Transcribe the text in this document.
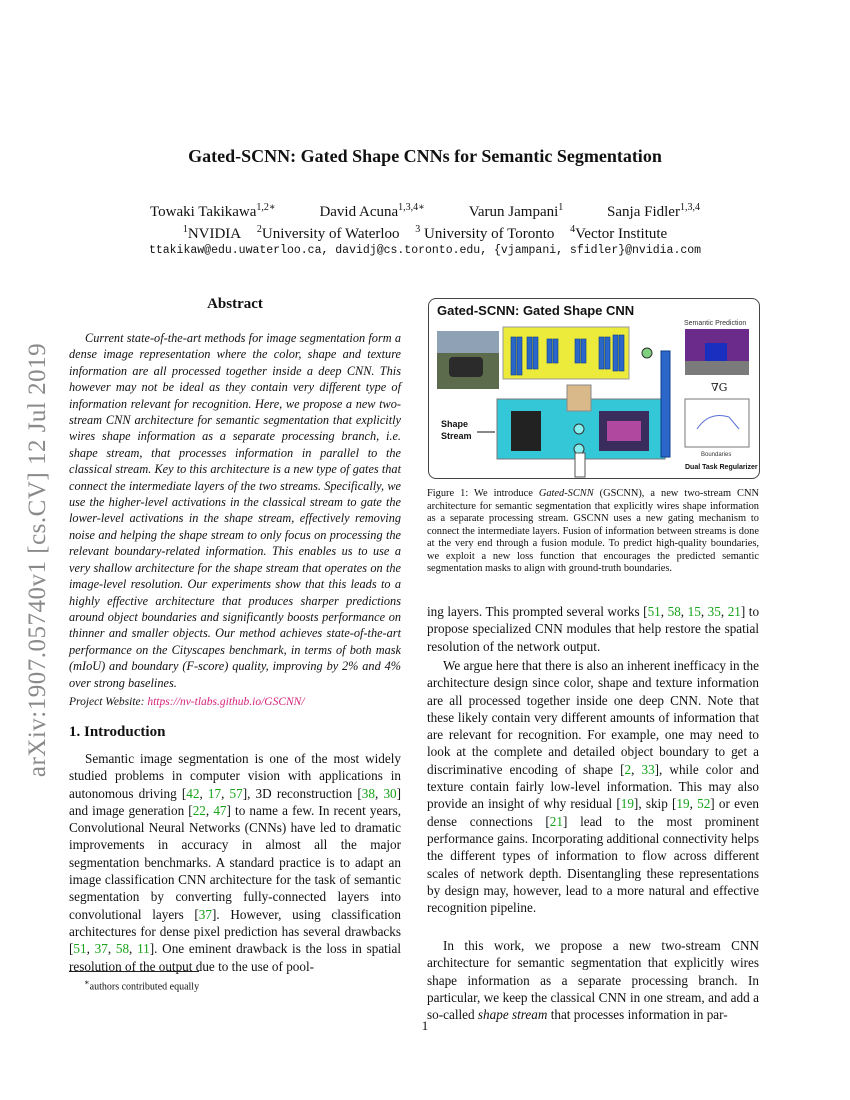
Gated-SCNN: Gated Shape CNNs for Semantic Segmentation
Towaki Takikawa$^{1,2∗}$	David Acuna$^{1,3,4∗}$	Varun Jampani$^1$	Sanja Fidler$^{1,3,4}$
$^1$NVIDIA $^2$University of Waterloo $^3$ University of Toronto $^4$Vector Institute
ttakikaw@edu.uwaterloo.ca, davidj@cs.toronto.edu, {vjampani, sfidler}@nvidia.com
arXiv:1907.05740v1 [cs.CV] 12 Jul 2019
Abstract
Current state-of-the-art methods for image segmentation form a dense image representation where the color, shape and texture information are all processed together inside a deep CNN. This however may not be ideal as they contain very different type of information relevant for recognition. Here, we propose a new two-stream CNN architecture for semantic segmentation that explicitly wires shape information as a separate processing branch, i.e. shape stream, that processes information in parallel to the classical stream. Key to this architecture is a new type of gates that connect the intermediate layers of the two streams. Specifically, we use the higher-level activations in the classical stream to gate the lower-level activations in the shape stream, effectively removing noise and helping the shape stream to only focus on processing the relevant boundary-related information. This enables us to use a very shallow architecture for the shape stream that operates on the image-level resolution. Our experiments show that this leads to a highly effective architecture that produces sharper predictions around object boundaries and significantly boosts performance on thinner and smaller objects. Our method achieves state-of-the-art performance on the Cityscapes benchmark, in terms of both mask (mIoU) and boundary (F-score) quality, improving by 2% and 4% over strong baselines.
Project Website: https://nv-tlabs.github.io/GSCNN/
1. Introduction
Semantic image segmentation is one of the most widely studied problems in computer vision with applications in autonomous driving [42, 17, 57], 3D reconstruction [38, 30] and image generation [22, 47] to name a few. In recent years, Convolutional Neural Networks (CNNs) have led to dramatic improvements in accuracy in almost all the major segmentation benchmarks. A standard practice is to adapt an image classification CNN architecture for the task of semantic segmentation by converting fully-connected layers into convolutional layers [37]. However, using classification architectures for dense pixel prediction has several drawbacks [51, 37, 58, 11]. One eminent drawback is the loss in spatial resolution of the output due to the use of pool-
∗authors contributed equally
Gated-SCNN: Gated Shape CNN
Semantic Prediction
∇G
Boundaries
Dual Task Regularizer
Shape
Stream
Figure 1: We introduce Gated-SCNN (GSCNN), a new two-stream CNN architecture for semantic segmentation that explicitly wires shape information as a separate processing stream. GSCNN uses a new gating mechanism to connect the intermediate layers. Fusion of information between streams is done at the very end through a fusion module. To predict high-quality boundaries, we exploit a new loss function that encourages the predicted semantic segmentation masks to align with ground-truth boundaries.
ing layers. This prompted several works [51, 58, 15, 35, 21] to propose specialized CNN modules that help restore the spatial resolution of the network output.
We argue here that there is also an inherent inefficacy in the architecture design since color, shape and texture information are all processed together inside one deep CNN. Note that these likely contain very different amounts of information that are relevant for recognition. For example, one may need to look at the complete and detailed object boundary to get a discriminative encoding of shape [2, 33], while color and texture contain fairly low-level information. This may also provide an insight of why residual [19], skip [19, 52] or even dense connections [21] lead to the most prominent performance gains. Incorporating additional connectivity helps the different types of information to flow across different scales of network depth. Disentangling these representations by design may, however, lead to a more natural and effective recognition pipeline.
In this work, we propose a new two-stream CNN architecture for semantic segmentation that explicitly wires shape information as a separate processing branch. In particular, we keep the classical CNN in one stream, and add a so-called shape stream that processes information in par-
1
